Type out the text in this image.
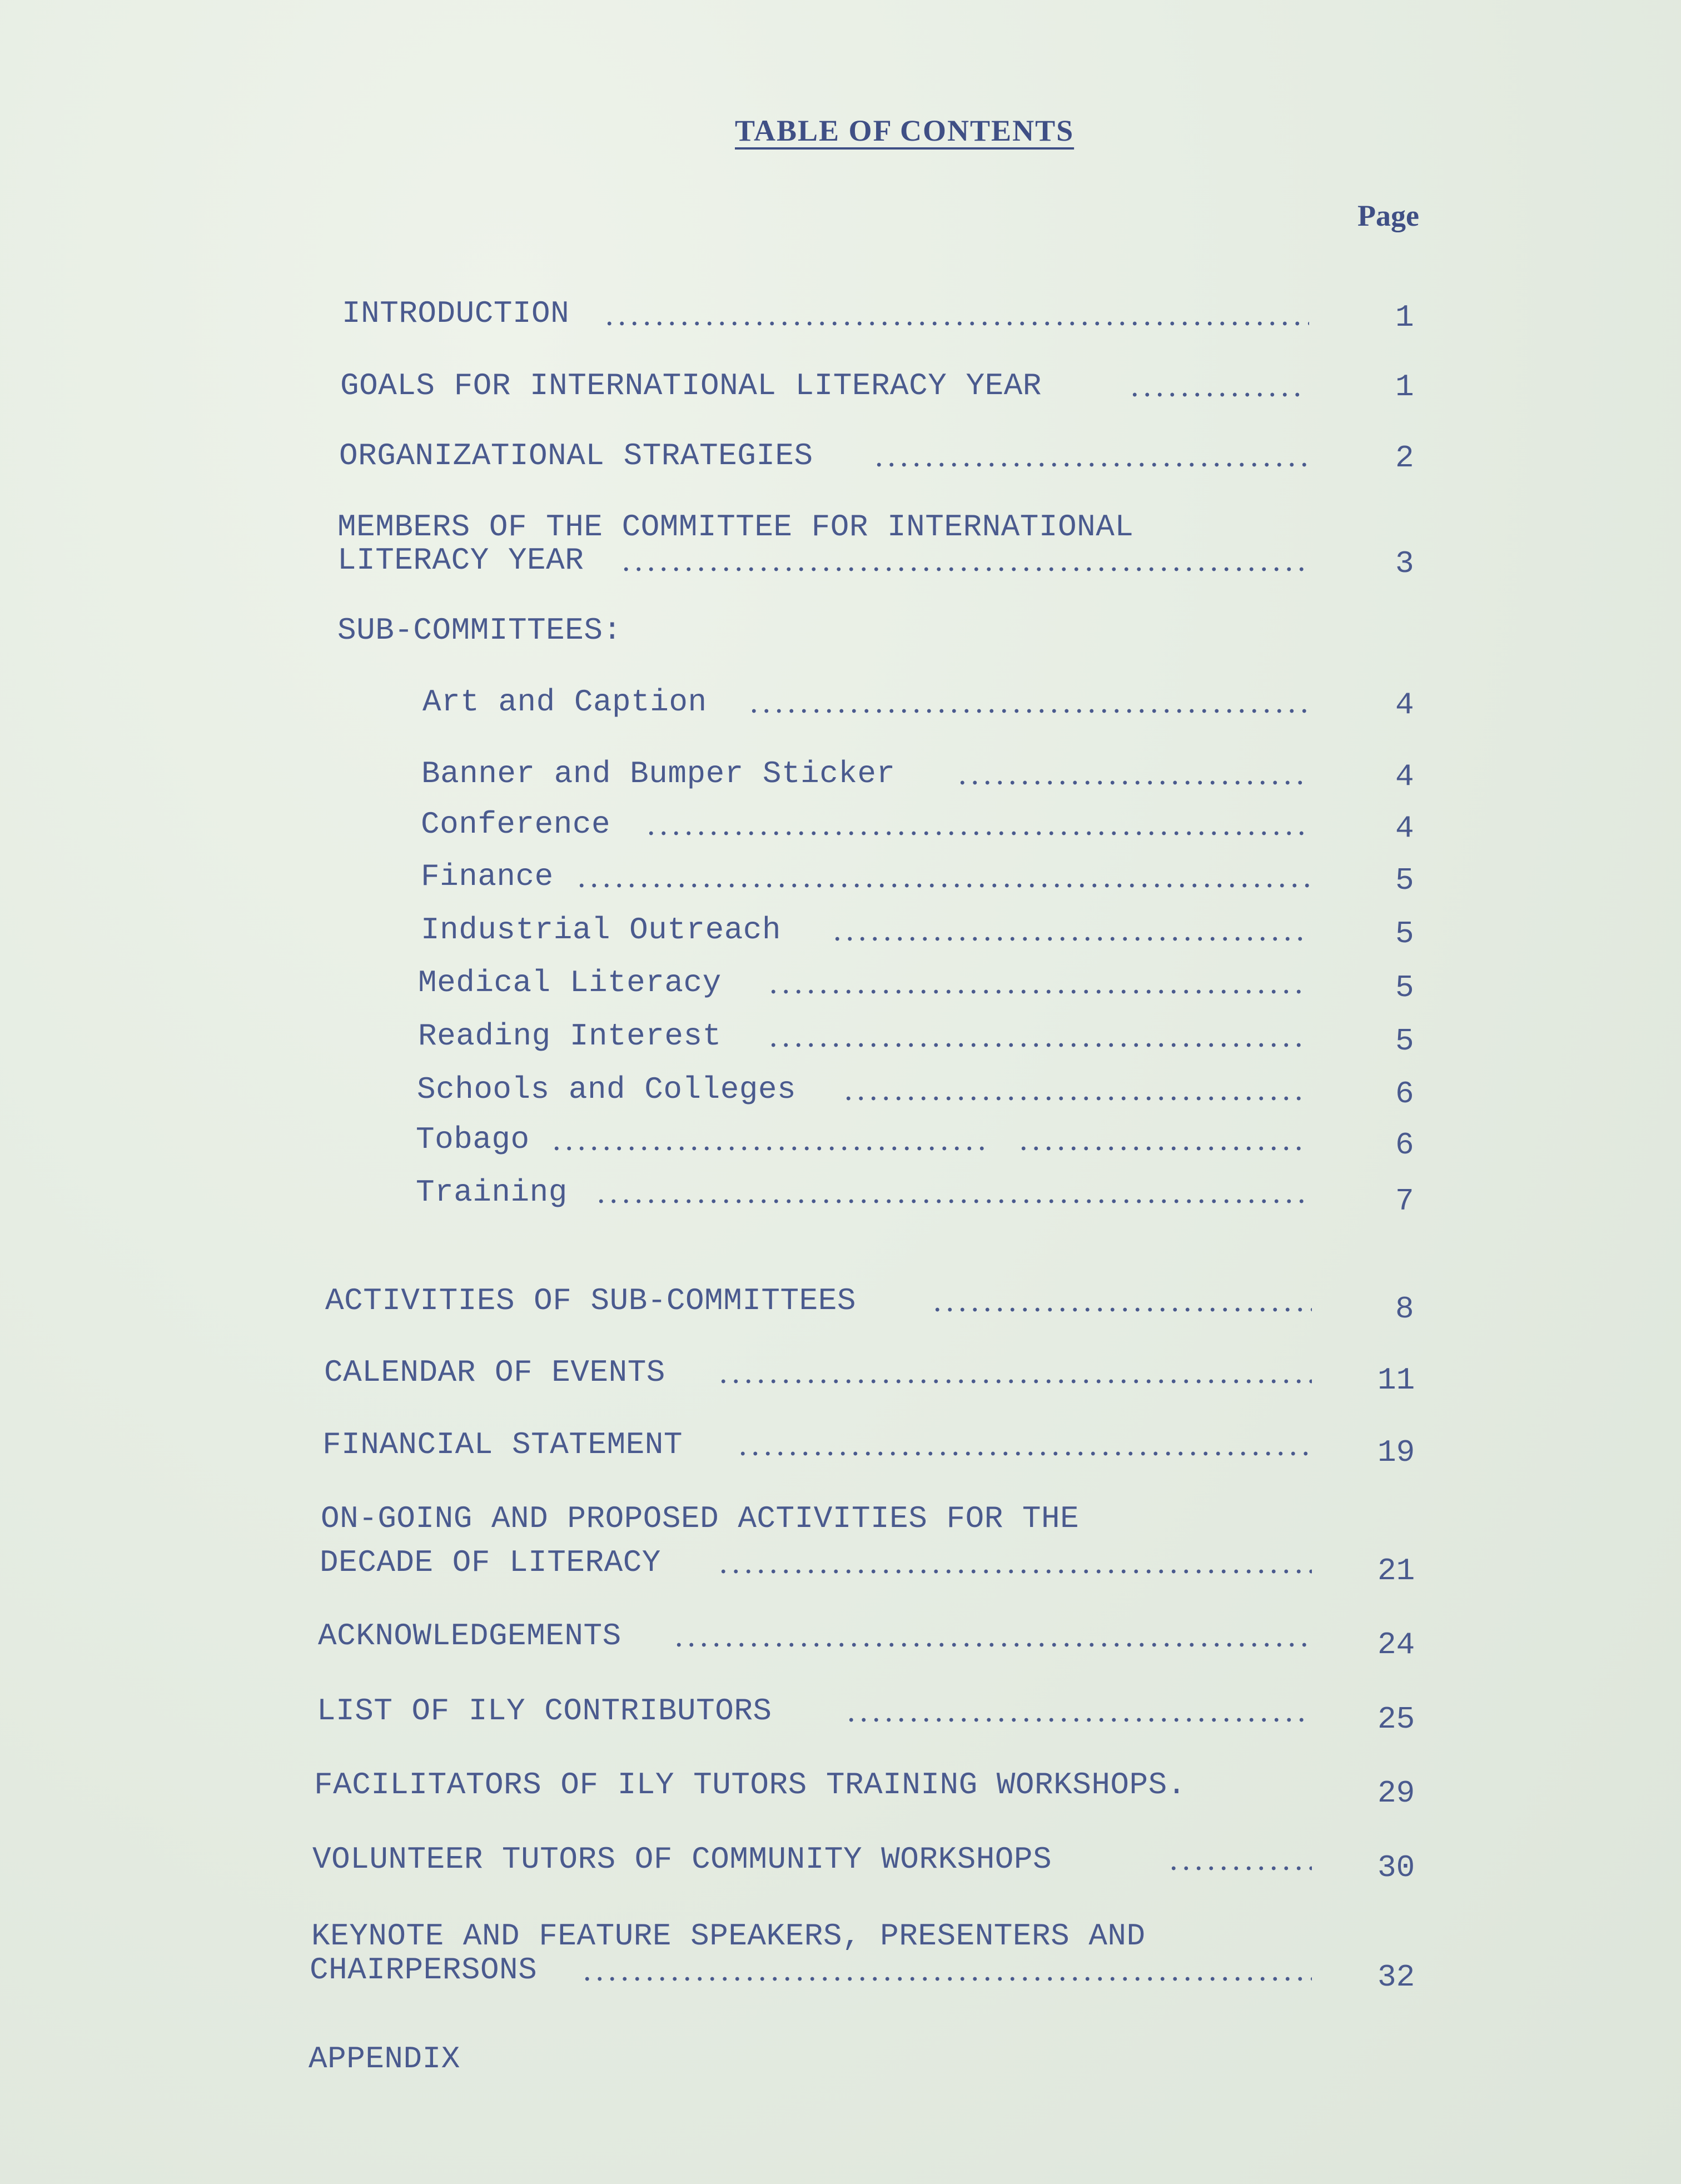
TABLE OF CONTENTS
Page
INTRODUCTION	1
GOALS FOR INTERNATIONAL LITERACY YEAR	1
ORGANIZATIONAL STRATEGIES	2
MEMBERS OF THE COMMITTEE FOR INTERNATIONAL
LITERACY YEAR	3
SUB-COMMITTEES:
Art and Caption	4
Banner and Bumper Sticker	4
Conference	4
Finance	5
Industrial Outreach	5
Medical Literacy	5
Reading Interest	5
Schools and Colleges	6
Tobago	6
Training	7
ACTIVITIES OF SUB-COMMITTEES	8
CALENDAR OF EVENTS	11
FINANCIAL STATEMENT	19
ON-GOING AND PROPOSED ACTIVITIES FOR THE
DECADE OF LITERACY	21
ACKNOWLEDGEMENTS	24
LIST OF ILY CONTRIBUTORS	25
FACILITATORS OF ILY TUTORS TRAINING WORKSHOPS.	29
VOLUNTEER TUTORS OF COMMUNITY WORKSHOPS	30
KEYNOTE AND FEATURE SPEAKERS, PRESENTERS AND
CHAIRPERSONS	32
APPENDIX
